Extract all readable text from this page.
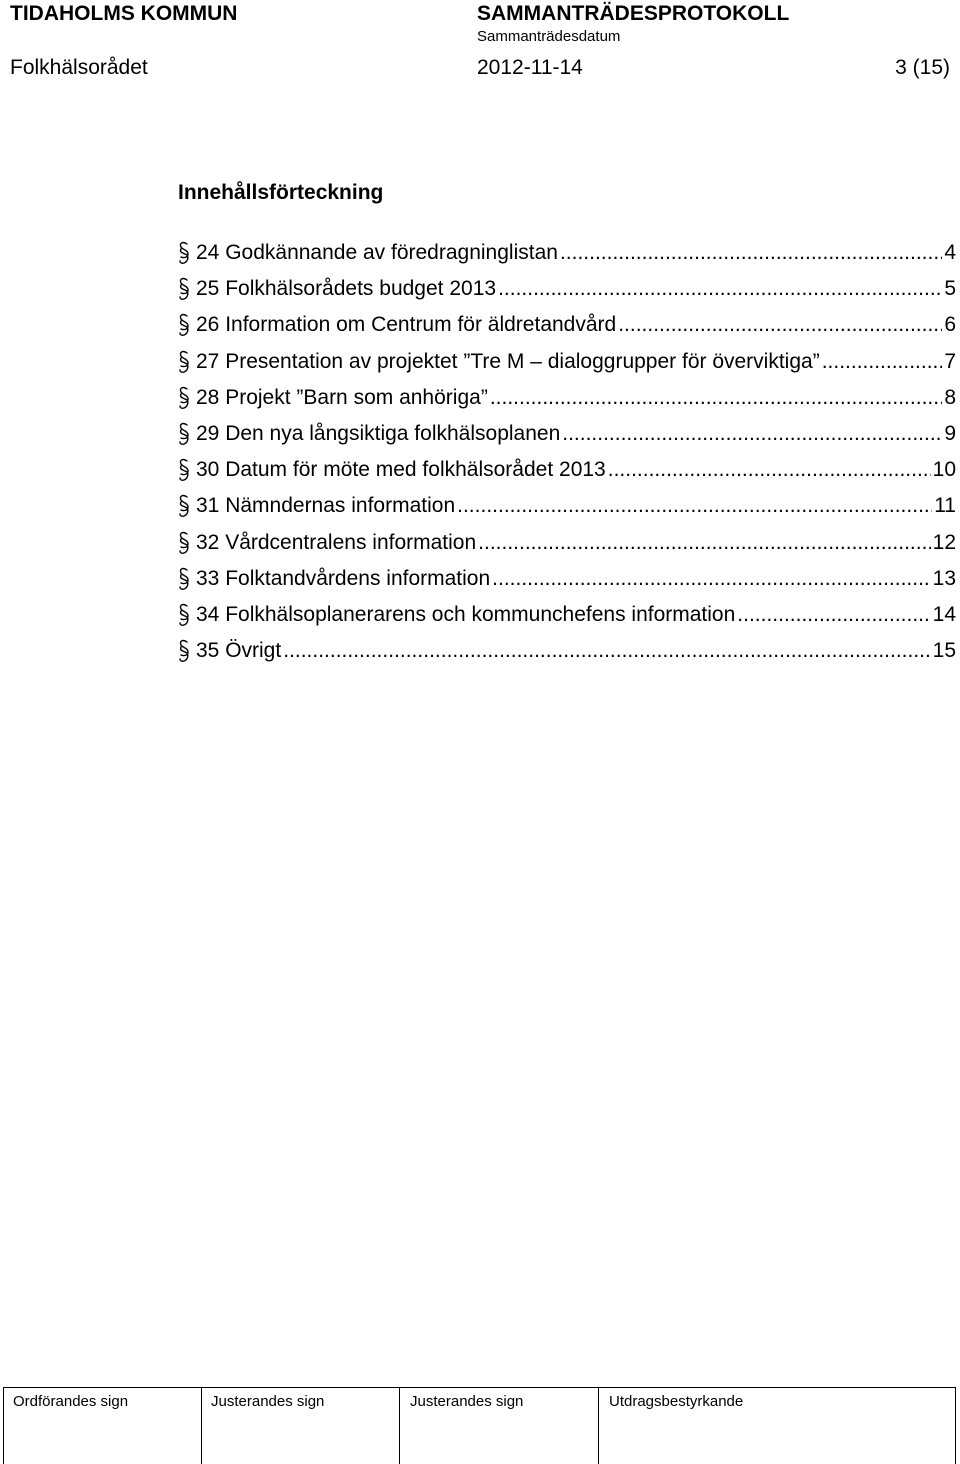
TIDAHOLMS KOMMUN	SAMMANTRÄDESPROTOKOLL
Sammanträdesdatum
Folkhälsorådet	2012-11-14	3 (15)
Innehållsförteckning
24 Godkännande av föredragninglistan .....	4
25 Folkhälsorådets budget 2013 .....	5
26 Information om Centrum för äldretandvård .....	6
27 Presentation av projektet ”Tre M – dialoggrupper för överviktiga” .....	7
28 Projekt ”Barn som anhöriga” .....	8
29 Den nya långsiktiga folkhälsoplanen .....	9
30 Datum för möte med folkhälsorådet 2013 .....	10
31 Nämndernas information .....	11
32 Vårdcentralens information .....	12
33 Folktandvårdens information .....	13
34 Folkhälsoplanerarens och kommunchefens information .....	14
35 Övrigt .....	15
Ordförandes sign	Justerandes sign	Justerandes sign	Utdragsbestyrkande
